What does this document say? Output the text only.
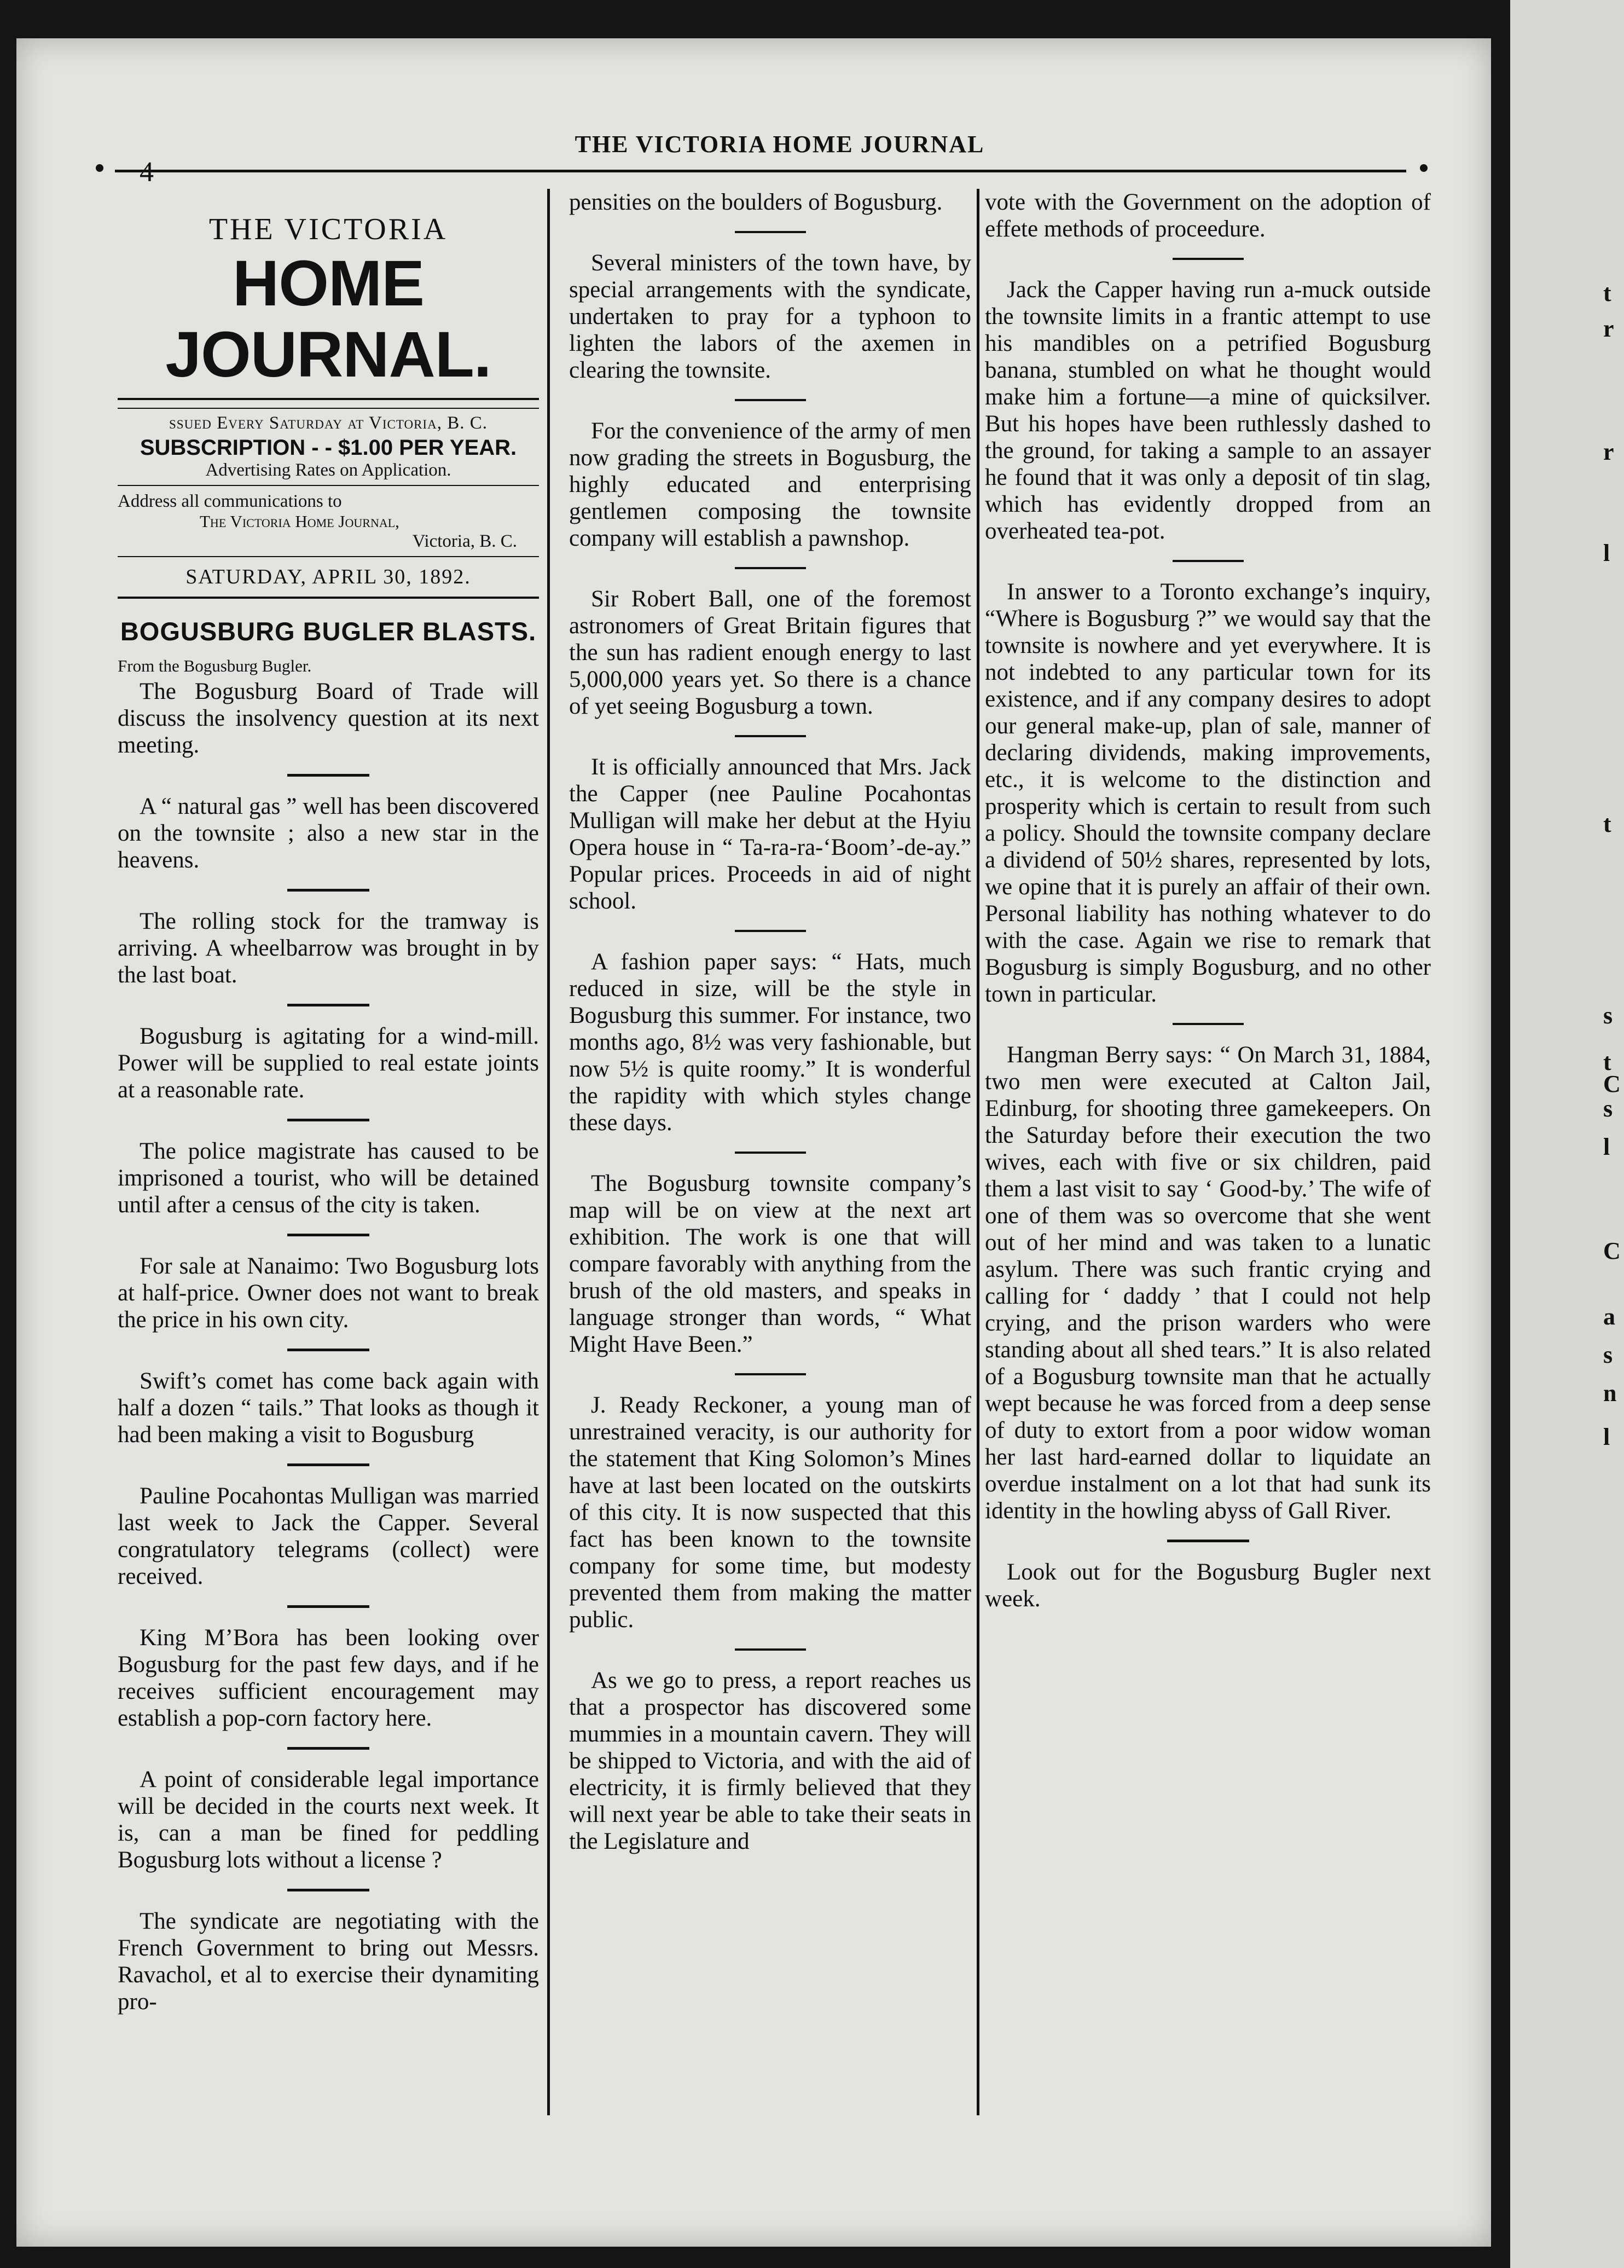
THE VICTORIA HOME JOURNAL
THE VICTORIA
HOME JOURNAL.
ssued Every Saturday at Victoria, B. C.
SUBSCRIPTION - - $1.00 PER YEAR.
Advertising Rates on Application.
Address all communications to
The Victoria Home Journal,
Victoria, B. C.
SATURDAY, APRIL 30, 1892.
BOGUSBURG BUGLER BLASTS.
From the Bogusburg Bugler.

The Bogusburg Board of Trade will discuss the insolvency question at its next meeting.

A “ natural gas ” well has been discovered on the townsite ; also a new star in the heavens.

The rolling stock for the tramway is arriving. A wheelbarrow was brought in by the last boat.

Bogusburg is agitating for a wind-mill. Power will be supplied to real estate joints at a reasonable rate.

The police magistrate has caused to be imprisoned a tourist, who will be detained until after a census of the city is taken.

For sale at Nanaimo: Two Bogusburg lots at half-price. Owner does not want to break the price in his own city.

Swift’s comet has come back again with half a dozen “ tails.” That looks as though it had been making a visit to Bogusburg

Pauline Pocahontas Mulligan was married last week to Jack the Capper. Several congratulatory telegrams (collect) were received.

King M’Bora has been looking over Bogusburg for the past few days, and if he receives sufficient encouragement may establish a pop-corn factory here.

A point of considerable legal importance will be decided in the courts next week. It is, can a man be fined for peddling Bogusburg lots without a license ?

The syndicate are negotiating with the French Government to bring out Messrs. Ravachol, et al to exercise their dynamiting pro-

pensities on the boulders of Bogusburg.

Several ministers of the town have, by special arrangements with the syndicate, undertaken to pray for a typhoon to lighten the labors of the axemen in clearing the townsite.

For the convenience of the army of men now grading the streets in Bogusburg, the highly educated and enterprising gentlemen composing the townsite company will establish a pawnshop.

Sir Robert Ball, one of the foremost astronomers of Great Britain figures that the sun has radient enough energy to last 5,000,000 years yet. So there is a chance of yet seeing Bogusburg a town.

It is officially announced that Mrs. Jack the Capper (nee Pauline Pocahontas Mulligan will make her debut at the Hyiu Opera house in “ Ta-ra-ra-‘Boom’-de-ay.” Popular prices. Proceeds in aid of night school.

A fashion paper says: “ Hats, much reduced in size, will be the style in Bogusburg this summer. For instance, two months ago, 8½ was very fashionable, but now 5½ is quite roomy.” It is wonderful the rapidity with which styles change these days.

The Bogusburg townsite company’s map will be on view at the next art exhibition. The work is one that will compare favorably with anything from the brush of the old masters, and speaks in language stronger than words, “ What Might Have Been.”

J. Ready Reckoner, a young man of unrestrained veracity, is our authority for the statement that King Solomon’s Mines have at last been located on the outskirts of this city. It is now suspected that this fact has been known to the townsite company for some time, but modesty prevented them from making the matter public.

As we go to press, a report reaches us that a prospector has discovered some mummies in a mountain cavern. They will be shipped to Victoria, and with the aid of electricity, it is firmly believed that they will next year be able to take their seats in the Legislature and

vote with the Government on the adoption of effete methods of proceedure.

Jack the Capper having run a-muck outside the townsite limits in a frantic attempt to use his mandibles on a petrified Bogusburg banana, stumbled on what he thought would make him a fortune—a mine of quicksilver. But his hopes have been ruthlessly dashed to the ground, for taking a sample to an assayer he found that it was only a deposit of tin slag, which has evidently dropped from an overheated tea-pot.

In answer to a Toronto exchange’s inquiry, “Where is Bogusburg ?” we would say that the townsite is nowhere and yet everywhere. It is not indebted to any particular town for its existence, and if any company desires to adopt our general make-up, plan of sale, manner of declaring dividends, making improvements, etc., it is welcome to the distinction and prosperity which is certain to result from such a policy. Should the townsite company declare a dividend of 50½ shares, represented by lots, we opine that it is purely an affair of their own. Personal liability has nothing whatever to do with the case. Again we rise to remark that Bogusburg is simply Bogusburg, and no other town in particular.

Hangman Berry says: “ On March 31, 1884, two men were executed at Calton Jail, Edinburg, for shooting three gamekeepers. On the Saturday before their execution the two wives, each with five or six children, paid them a last visit to say ‘ Good-by.’ The wife of one of them was so overcome that she went out of her mind and was taken to a lunatic asylum. There was such frantic crying and calling for ‘ daddy ’ that I could not help crying, and the prison warders who were standing about all shed tears.” It is also related of a Bogusburg townsite man that he actually wept because he was forced from a deep sense of duty to extort from a poor widow woman her last hard-earned dollar to liquidate an overdue instalment on a lot that had sunk its identity in the howling abyss of Gall River.

Look out for the Bogusburg Bugler next week.

t
r
r
l
t
s
t
C
s
l
C
a
s
n
l
